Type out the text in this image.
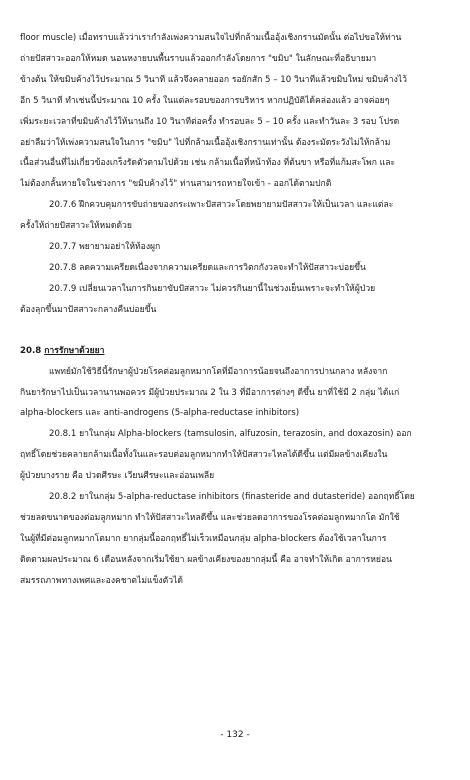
floor muscle) เมื่อทราบแล้วว่าเรากำลังเพ่งความสนใจไปที่กล้ามเนื้ออุ้งเชิงกรานมัดนั้น ต่อไปขอให้ท่าน

ถ่ายปัสสาวะออกให้หมด นอนหงายบนพื้นราบแล้วออกกำลังโดยการ "ขมิบ" ในลักษณะที่อธิบายมา

ข้างต้น ให้ขมิบค้างไว้ประมาณ 5 วินาที แล้วจึงคลายออก รอยักสัก 5 – 10 วินาทีแล้วขมิบใหม่ ขมิบค้างไว้

อีก 5 วินาที ทำเช่นนี้ประมาณ 10 ครั้ง ในแต่ละรอบของการบริหาร หากปฏิบัติได้คล่องแล้ว อาจค่อยๆ

เพิ่มระยะเวลาที่ขมิบค้างไว้ให้นานถึง 10 วินาทีต่อครั้ง ทำรอบละ 5 – 10 ครั้ง และทำวันละ 3 รอบ โปรด

อย่าลืมว่าให้เพ่งความสนใจในการ "ขมิบ" ไปที่กล้ามเนื้ออุ้งเชิงกรานเท่านั้น ต้องระมัดระวังไม่ให้กล้าม

เนื้อส่วนอื่นที่ไม่เกี่ยวข้องเกร็งรัดตัวตามไปด้วย เช่น กล้ามเนื้อที่หน้าท้อง ที่ต้นขา หรือที่แก้มสะโพก และ

ไม่ต้องกลั้นหายใจในช่วงการ "ขมิบค้างไว้" ท่านสามารถหายใจเข้า - ออกได้ตามปกติ

20.7.6 ฝึกควบคุมการขับถ่ายของกระเพาะปัสสาวะโดยพยายามปัสสาวะให้เป็นเวลา และแต่ละ

ครั้งให้ถ่ายปัสสาวะให้หมดด้วย

20.7.7 พยายามอย่าให้ท้องผูก

20.7.8 ลดความเครียดเนื่องจากความเครียดและการวิตกกังวลจะทำให้ปัสสาวะบ่อยขึ้น

20.7.9 เปลี่ยนเวลาในการกินยาขับปัสสาวะ ไม่ควรกินยานี้ในช่วงเย็นเพราะจะทำให้ผู้ป่วย

ต้องลุกขึ้นมาปัสสาวะกลางคืนบ่อยขึ้น

20.8 การรักษาด้วยยา

แพทย์มักใช้วิธีนี้รักษาผู้ป่วยโรคต่อมลูกหมากโตที่มีอาการน้อยจนถึงอาการปานกลาง หลังจาก

กินยารักษาไปเป็นเวลานานพอควร มีผู้ป่วยประมาณ 2 ใน 3 ที่มีอาการต่างๆ ดีขึ้น ยาที่ใช้มี 2 กลุ่ม ได้แก่

alpha-blockers และ anti-androgens (5-alpha-reductase inhibitors)

20.8.1 ยาในกลุ่ม Alpha-blockers (tamsulosin, alfuzosin, terazosin, and doxazosin) ออก

ฤทธิ์โดยช่วยคลายกล้ามเนื้อทั้งในและรอบต่อมลูกหมากทำให้ปัสสาวะไหลได้ดีขึ้น แต่มีผลข้างเคียงใน

ผู้ป่วยบางราย คือ ปวดศีรษะ เวียนศีรษะและอ่อนเพลีย

20.8.2 ยาในกลุ่ม 5-alpha-reductase inhibitors (finasteride and dutasteride) ออกฤทธิ์โดย

ช่วยลดขนาดของต่อมลูกหมาก ทำให้ปัสสาวะไหลดีขึ้น และช่วยลดอาการของโรคต่อมลูกหมากโต มักใช้

ในผู้ที่มีต่อมลูกหมากโตมาก ยากลุ่มนี้ออกฤทธิ์ไม่เร็วเหมือนกลุ่ม alpha-blockers ต้องใช้เวลาในการ

ติดตามผลประมาณ 6 เดือนหลังจากเริ่มใช้ยา ผลข้างเคียงของยากลุ่มนี้ คือ อาจทำให้เกิด อาการหย่อน

สมรรถภาพทางเพศและองคชาตไม่แข็งตัวได้

- 132 -
